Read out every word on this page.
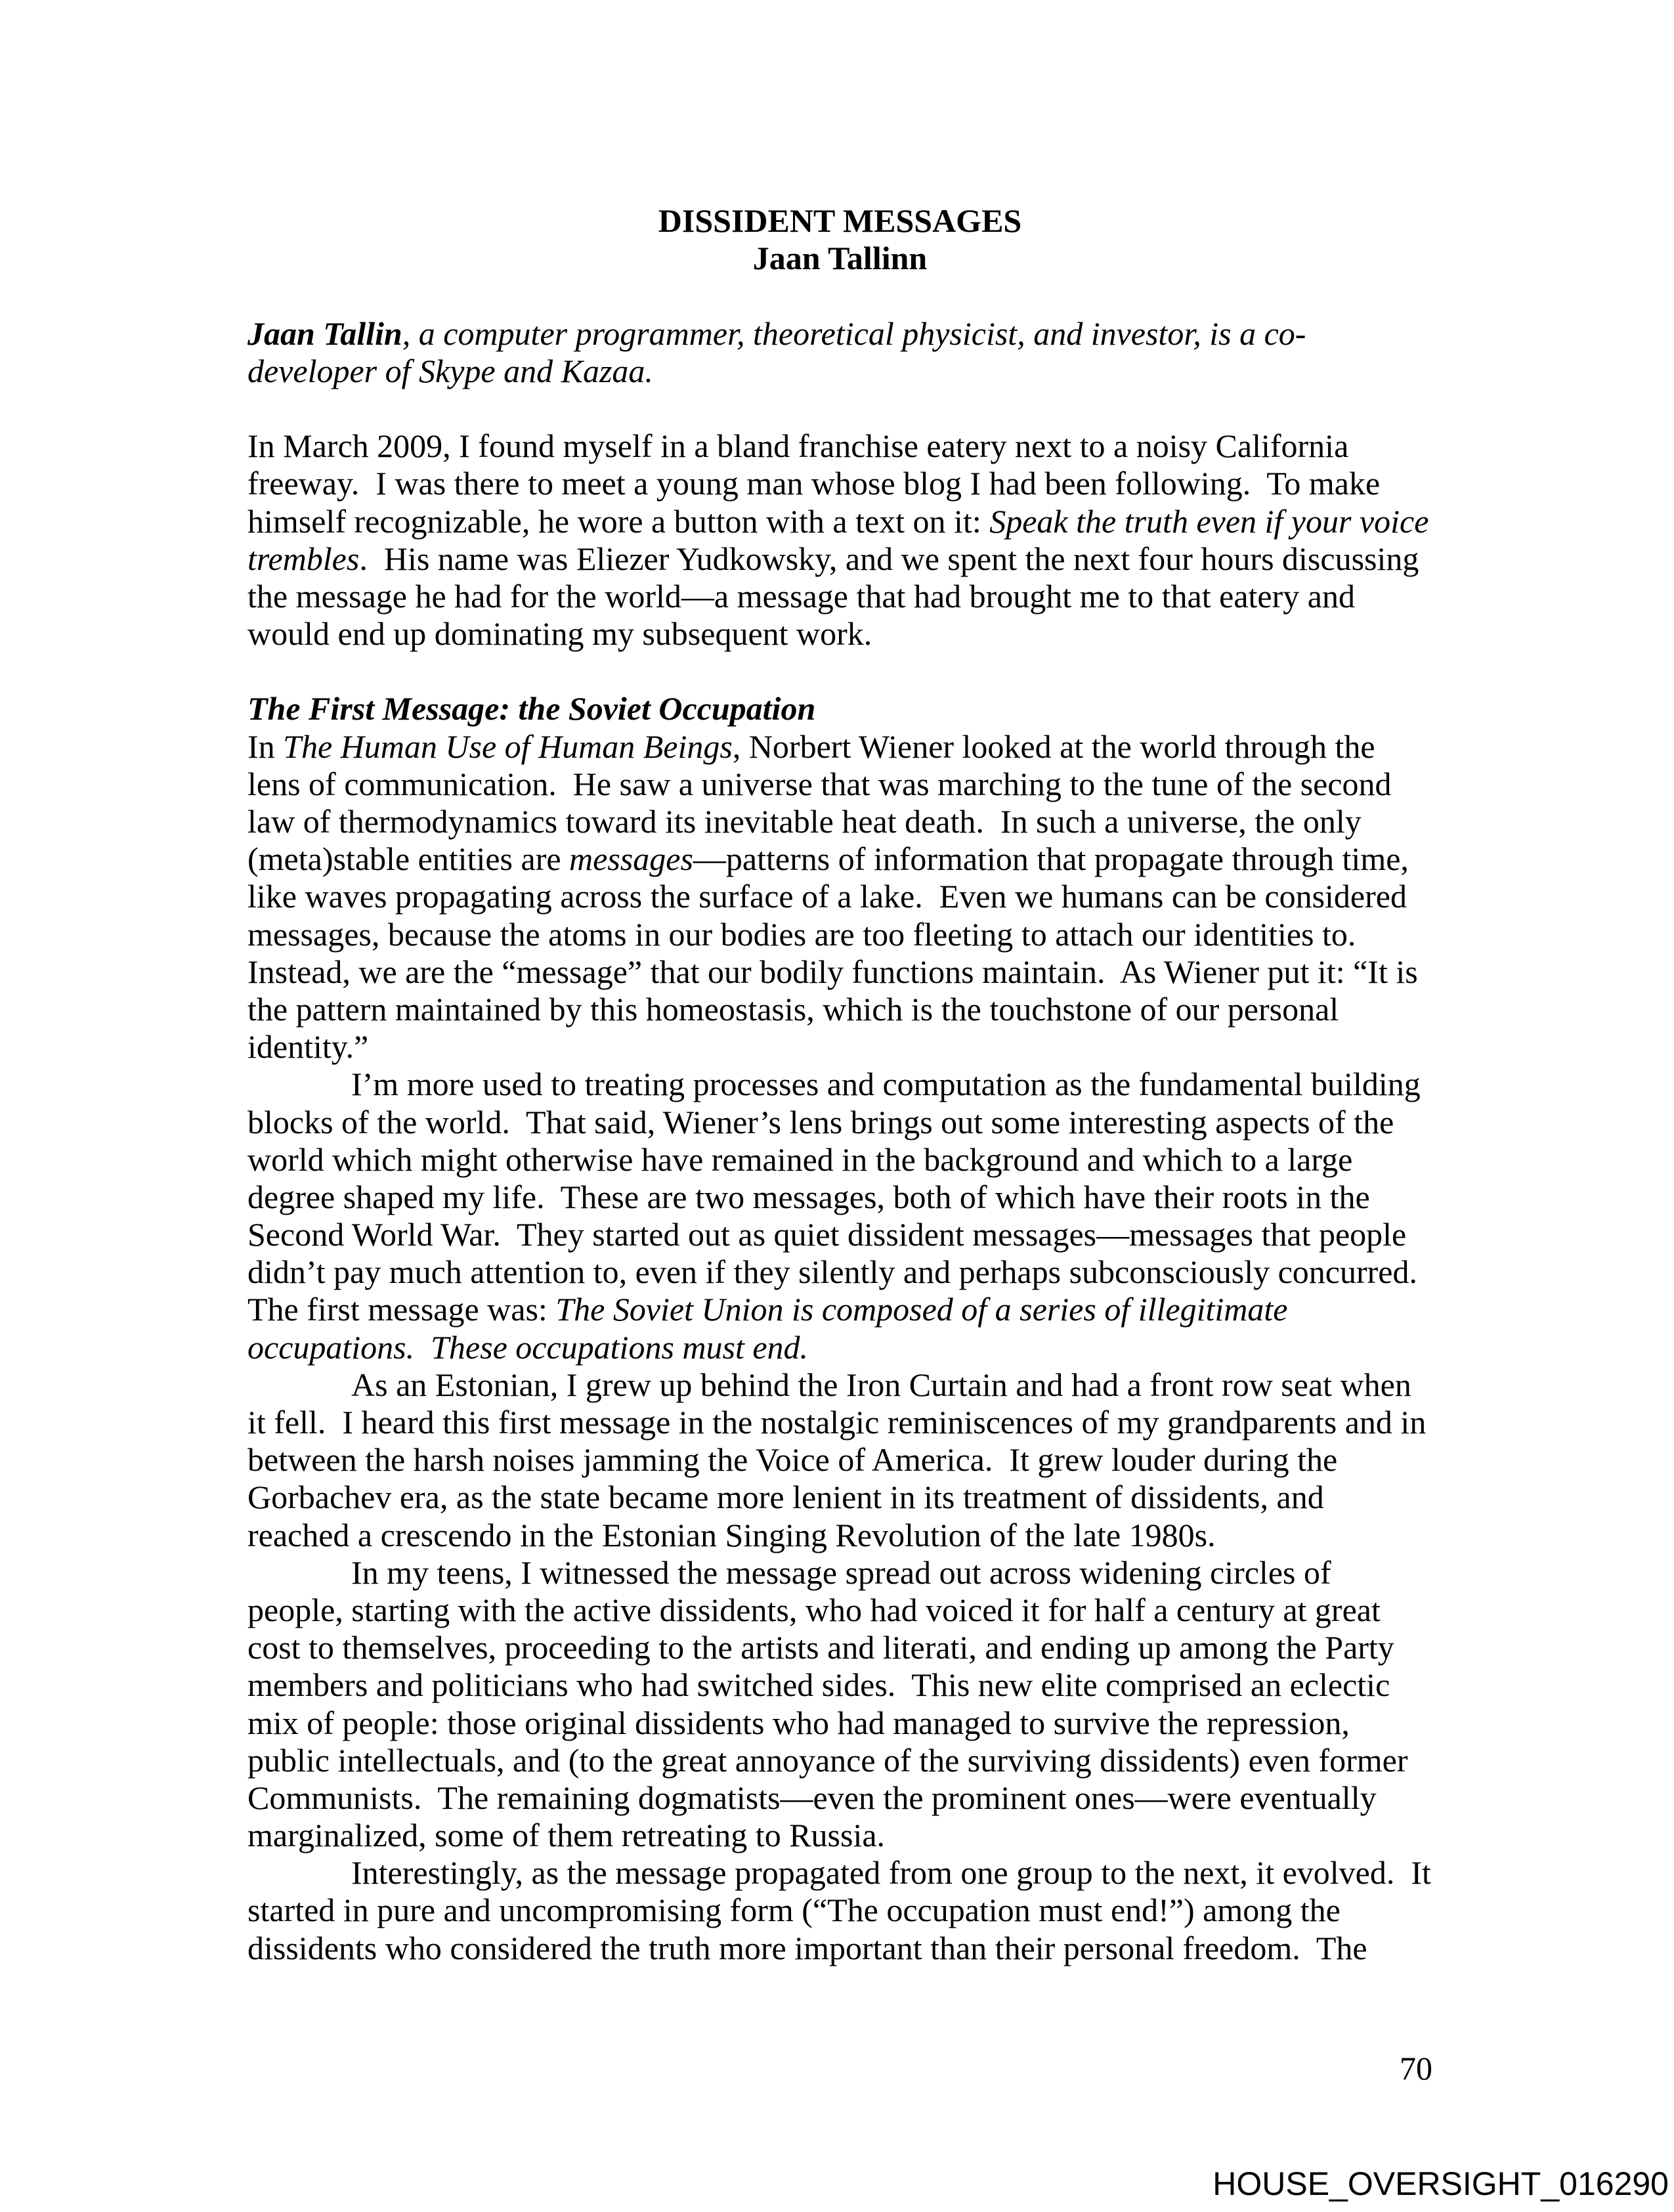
DISSIDENT MESSAGES
Jaan Tallinn

Jaan Tallin, a computer programmer, theoretical physicist, and investor, is a co-
developer of Skype and Kazaa.

In March 2009, I found myself in a bland franchise eatery next to a noisy California
freeway.  I was there to meet a young man whose blog I had been following.  To make
himself recognizable, he wore a button with a text on it: Speak the truth even if your voice
trembles.  His name was Eliezer Yudkowsky, and we spent the next four hours discussing
the message he had for the world—a message that had brought me to that eatery and
would end up dominating my subsequent work.

The First Message: the Soviet Occupation
In The Human Use of Human Beings, Norbert Wiener looked at the world through the
lens of communication.  He saw a universe that was marching to the tune of the second
law of thermodynamics toward its inevitable heat death.  In such a universe, the only
(meta)stable entities are messages—patterns of information that propagate through time,
like waves propagating across the surface of a lake.  Even we humans can be considered
messages, because the atoms in our bodies are too fleeting to attach our identities to.
Instead, we are the “message” that our bodily functions maintain.  As Wiener put it: “It is
the pattern maintained by this homeostasis, which is the touchstone of our personal
identity.”
I’m more used to treating processes and computation as the fundamental building
blocks of the world.  That said, Wiener’s lens brings out some interesting aspects of the
world which might otherwise have remained in the background and which to a large
degree shaped my life.  These are two messages, both of which have their roots in the
Second World War.  They started out as quiet dissident messages—messages that people
didn’t pay much attention to, even if they silently and perhaps subconsciously concurred.
The first message was: The Soviet Union is composed of a series of illegitimate
occupations.  These occupations must end.
As an Estonian, I grew up behind the Iron Curtain and had a front row seat when
it fell.  I heard this first message in the nostalgic reminiscences of my grandparents and in
between the harsh noises jamming the Voice of America.  It grew louder during the
Gorbachev era, as the state became more lenient in its treatment of dissidents, and
reached a crescendo in the Estonian Singing Revolution of the late 1980s.
In my teens, I witnessed the message spread out across widening circles of
people, starting with the active dissidents, who had voiced it for half a century at great
cost to themselves, proceeding to the artists and literati, and ending up among the Party
members and politicians who had switched sides.  This new elite comprised an eclectic
mix of people: those original dissidents who had managed to survive the repression,
public intellectuals, and (to the great annoyance of the surviving dissidents) even former
Communists.  The remaining dogmatists—even the prominent ones—were eventually
marginalized, some of them retreating to Russia.
Interestingly, as the message propagated from one group to the next, it evolved.  It
started in pure and uncompromising form (“The occupation must end!”) among the
dissidents who considered the truth more important than their personal freedom.  The
70
HOUSE_OVERSIGHT_016290
